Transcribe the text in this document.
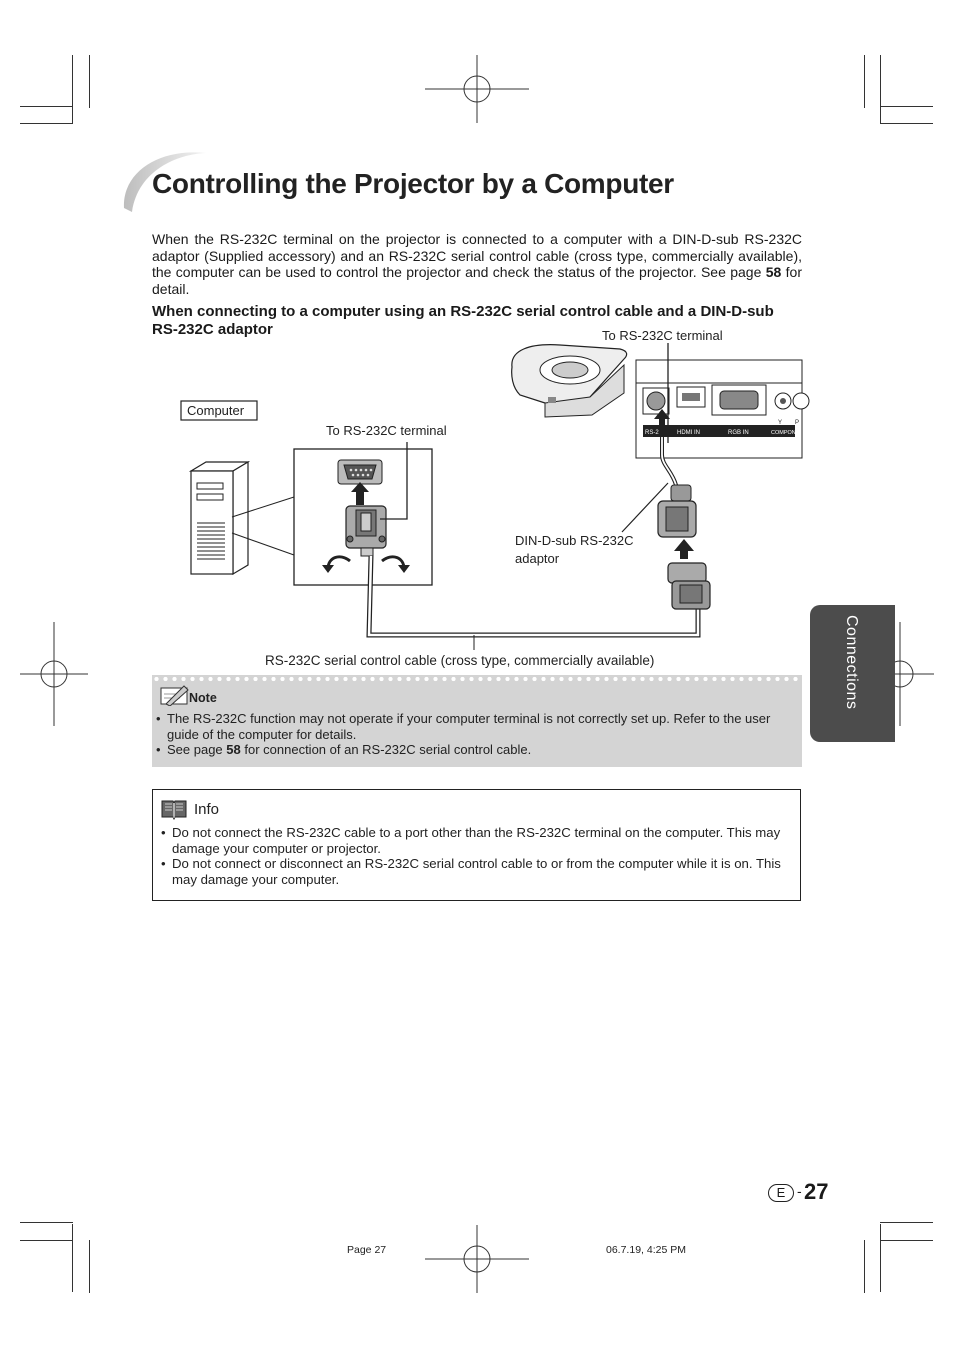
Controlling the Projector by a Computer

When the RS-232C terminal on the projector is connected to a computer with a DIN-D-sub RS-232C adaptor (Supplied accessory) and an RS-232C serial control cable (cross type, commercially available), the computer can be used to control the projector and check the status of the projector. See page 58 for detail.

When connecting to a computer using an RS-232C serial control cable and a DIN-D-sub RS-232C adaptor

Computer
To RS-232C terminal	RS-2	HDMI IN	RGB IN	COMPONE
Y P
To RS-232C terminal
DIN-D-sub RS-232C
adaptor
RS-232C serial control cable (cross type, commercially available)
Note
• The RS-232C function may not operate if your computer terminal is not correctly set up. Refer to the user guide of the computer for details.
• See page 58 for connection of an RS-232C serial control cable.
Info
• Do not connect the RS-232C cable to a port other than the RS-232C terminal on the computer. This may damage your computer or projector.
• Do not connect or disconnect an RS-232C serial control cable to or from the computer while it is on. This may damage your computer.
Connections
E - 27
Page 27	06.7.19, 4:25 PM
